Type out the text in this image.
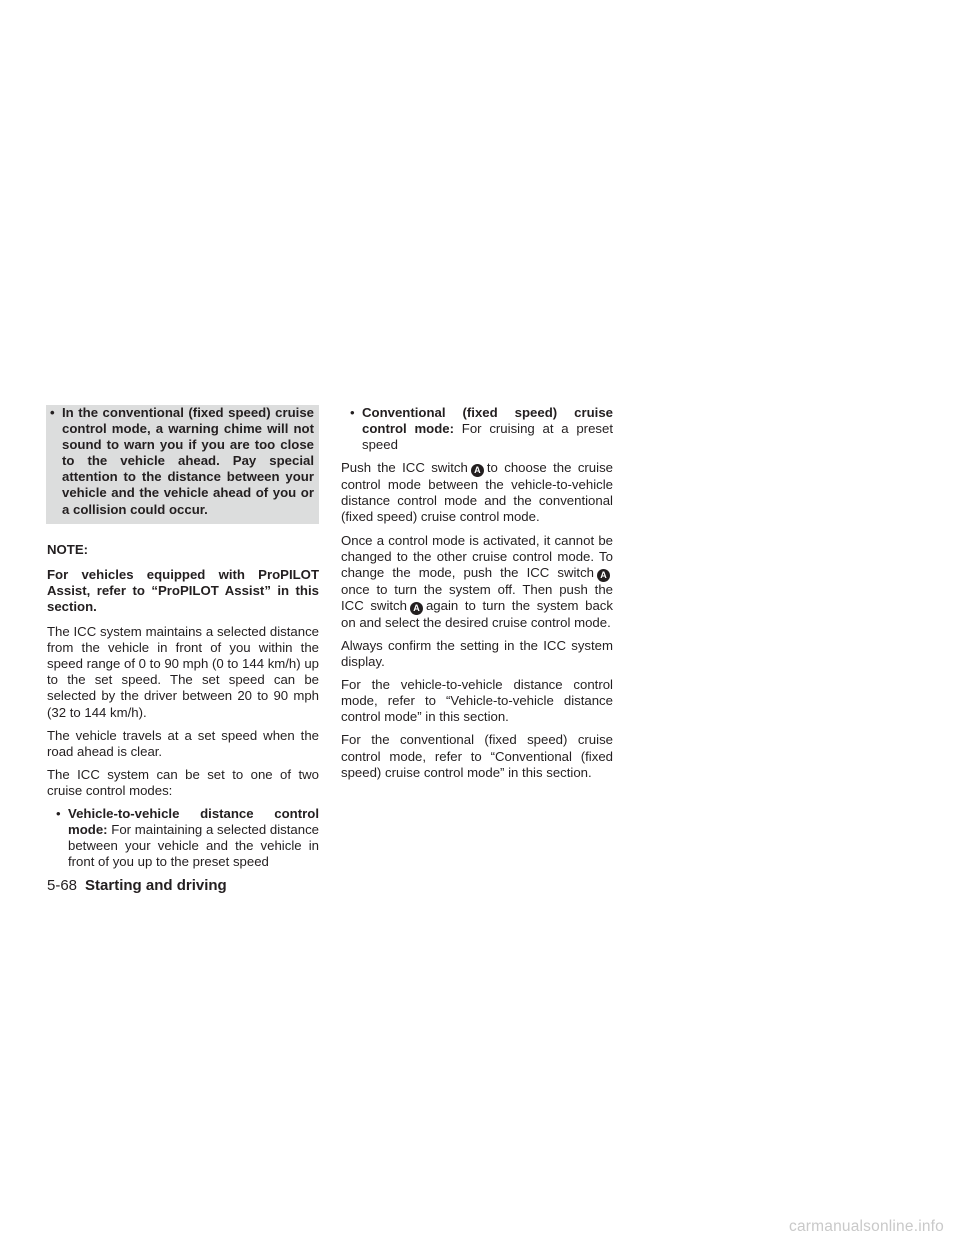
• In the conventional (fixed speed) cruise control mode, a warning chime will not sound to warn you if you are too close to the vehicle ahead. Pay special attention to the distance between your vehicle and the vehicle ahead of you or a collision could occur.

NOTE:

For vehicles equipped with ProPILOT Assist, refer to “ProPILOT Assist” in this section.

The ICC system maintains a selected distance from the vehicle in front of you within the speed range of 0 to 90 mph (0 to 144 km/h) up to the set speed. The set speed can be selected by the driver between 20 to 90 mph (32 to 144 km/h).

The vehicle travels at a set speed when the road ahead is clear.

The ICC system can be set to one of two cruise control modes:

• Vehicle-to-vehicle distance control mode: For maintaining a selected distance between your vehicle and the vehicle in front of you up to the preset speed
• Conventional (fixed speed) cruise control mode: For cruising at a preset speed

Push the ICC switch A to choose the cruise control mode between the vehicle-to-vehicle distance control mode and the conventional (fixed speed) cruise control mode.

Once a control mode is activated, it cannot be changed to the other cruise control mode. To change the mode, push the ICC switch Aonce to turn the system off. Then push the ICC switch A again to turn the system back on and select the desired cruise control mode.

Always confirm the setting in the ICC system display.

For the vehicle-to-vehicle distance control mode, refer to “Vehicle-to-vehicle distance control mode” in this section.

For the conventional (fixed speed) cruise control mode, refer to “Conventional (fixed speed) cruise control mode” in this section.

5-68 Starting and driving
carmanualsonline.info
